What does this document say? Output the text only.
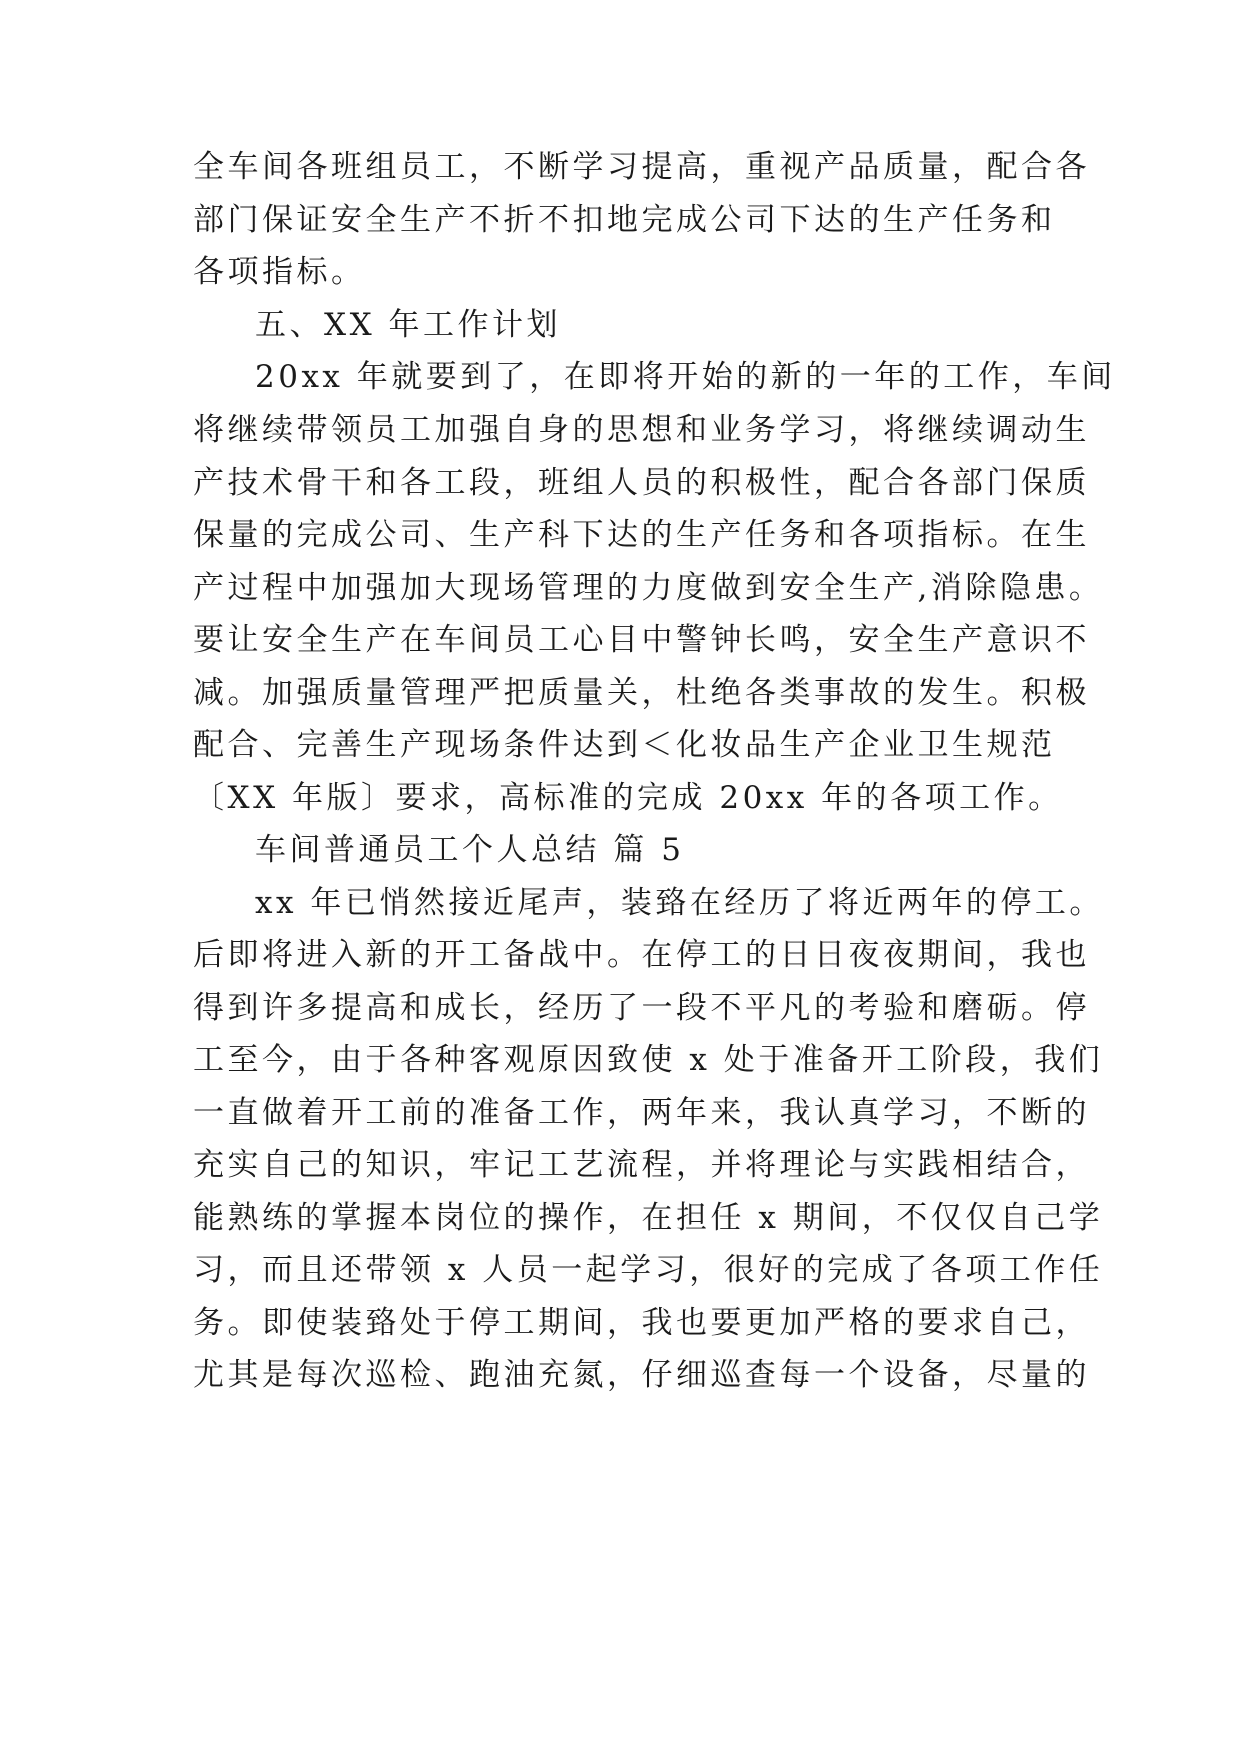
全车间各班组员工，不断学习提高，重视产品质量，配合各
部门保证安全生产不折不扣地完成公司下达的生产任务和
各项指标。
五、XX 年工作计划
20xx 年就要到了，在即将开始的新的一年的工作，车间
将继续带领员工加强自身的思想和业务学习，将继续调动生
产技术骨干和各工段，班组人员的积极性，配合各部门保质
保量的完成公司、生产科下达的生产任务和各项指标。在生
产过程中加强加大现场管理的力度做到安全生产,消除隐患。
要让安全生产在车间员工心目中警钟长鸣，安全生产意识不
减。加强质量管理严把质量关，杜绝各类事故的发生。积极
配合、完善生产现场条件达到＜化妆品生产企业卫生规范
〔XX 年版〕要求，高标准的完成 20xx 年的各项工作。
车间普通员工个人总结 篇 5
xx 年已悄然接近尾声，装臵在经历了将近两年的停工。
后即将进入新的开工备战中。在停工的日日夜夜期间，我也
得到许多提高和成长，经历了一段不平凡的考验和磨砺。停
工至今，由于各种客观原因致使 x 处于准备开工阶段，我们
一直做着开工前的准备工作，两年来，我认真学习，不断的
充实自己的知识，牢记工艺流程，并将理论与实践相结合，
能熟练的掌握本岗位的操作，在担任 x 期间，不仅仅自己学
习，而且还带领 x 人员一起学习，很好的完成了各项工作任
务。即使装臵处于停工期间，我也要更加严格的要求自己，
尤其是每次巡检、跑油充氮，仔细巡查每一个设备，尽量的
